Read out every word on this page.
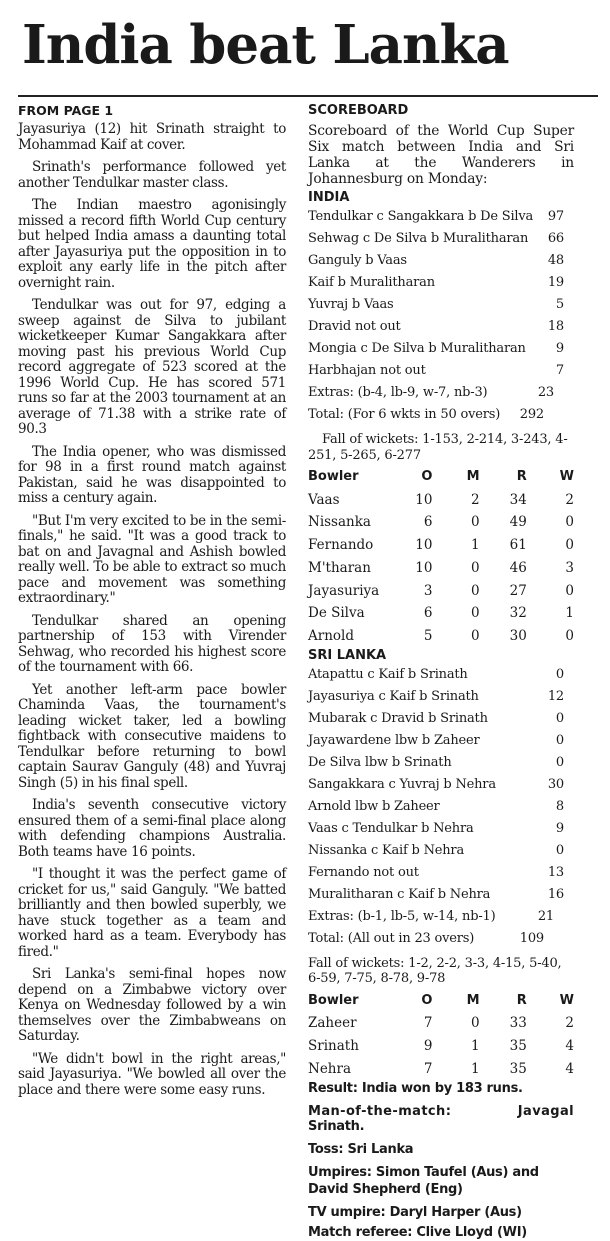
India beat Lanka
FROM PAGE 1

Jayasuriya (12) hit Srinath straight to Mohammad Kaif at cover.

Srinath's performance followed yet another Tendulkar master class.

The Indian maestro agonisingly missed a record fifth World Cup century but helped India amass a daunting total after Jayasuriya put the opposition in to exploit any early life in the pitch after overnight rain.

Tendulkar was out for 97, edging a sweep against de Silva to jubilant wicketkeeper Kumar Sangakkara after moving past his previous World Cup record aggregate of 523 scored at the 1996 World Cup. He has scored 571 runs so far at the 2003 tournament at an average of 71.38 with a strike rate of 90.3

The India opener, who was dismissed for 98 in a first round match against Pakistan, said he was disappointed to miss a century again.

"But I'm very excited to be in the semi-finals," he said. "It was a good track to bat on and Javagnal and Ashish bowled really well. To be able to extract so much pace and movement was something extraordinary."

Tendulkar shared an opening partnership of 153 with Virender Sehwag, who recorded his highest score of the tournament with 66.

Yet another left-arm pace bowler Chaminda Vaas, the tournament's leading wicket taker, led a bowling fightback with consecutive maidens to Tendulkar before returning to bowl captain Saurav Ganguly (48) and Yuvraj Singh (5) in his final spell.

India's seventh consecutive victory ensured them of a semi-final place along with defending champions Australia. Both teams have 16 points.

"I thought it was the perfect game of cricket for us," said Ganguly. "We batted brilliantly and then bowled superbly, we have stuck together as a team and worked hard as a team. Everybody has fired."

Sri Lanka's semi-final hopes now depend on a Zimbabwe victory over Kenya on Wednesday followed by a win themselves over the Zimbabweans on Saturday.

"We didn't bowl in the right areas," said Jayasuriya. "We bowled all over the place and there were some easy runs.

SCOREBOARD
Scoreboard of the World Cup Super Six match between India and Sri Lanka at the Wanderers in Johannesburg on Monday:
INDIA
Tendulkar c Sangakkara b De Silva 97
Sehwag c De Silva b Muralitharan 66
Ganguly b Vaas	48
Kaif b Muralitharan	19
Yuvraj b Vaas	5
Dravid not out	18
Mongia c De Silva b Muralitharan 9
Harbhajan not out	7
Extras: (b-4, lb-9, w-7, nb-3)	23
Total: (For 6 wkts in 50 overs) 292
Fall of wickets: 1-153, 2-214, 3-243, 4-251, 5-265, 6-277
Bowler	O	M	R	W
Vaas	10	2	34	2
Nissanka	6	0	49	0
Fernando	10	1	61	0
M'tharan	10	0	46	3
Jayasuriya	3	0	27	0
De Silva	6	0	32	1
Arnold	5	0	30	0
SRI LANKA
Atapattu c Kaif b Srinath	0
Jayasuriya c Kaif b Srinath	12
Mubarak c Dravid b Srinath	0
Jayawardene lbw b Zaheer	0
De Silva lbw b Srinath	0
Sangakkara c Yuvraj b Nehra	30
Arnold lbw b Zaheer	8
Vaas c Tendulkar b Nehra	9
Nissanka c Kaif b Nehra	0
Fernando not out	13
Muralitharan c Kaif b Nehra	16
Extras: (b-1, lb-5, w-14, nb-1)	21
Total: (All out in 23 overs)	109
Fall of wickets: 1-2, 2-2, 3-3, 4-15, 5-40, 6-59, 7-75, 8-78, 9-78
Bowler	O	M	R	W
Zaheer	7	0	33	2
Srinath	9	1	35	4
Nehra	7	1	35	4
Result: India won by 183 runs.
Man-of-the-match: Javagal
Srinath.
Toss: Sri Lanka
Umpires: Simon Taufel (Aus) and David Shepherd (Eng)
TV umpire: Daryl Harper (Aus)
Match referee: Clive Lloyd (WI)
